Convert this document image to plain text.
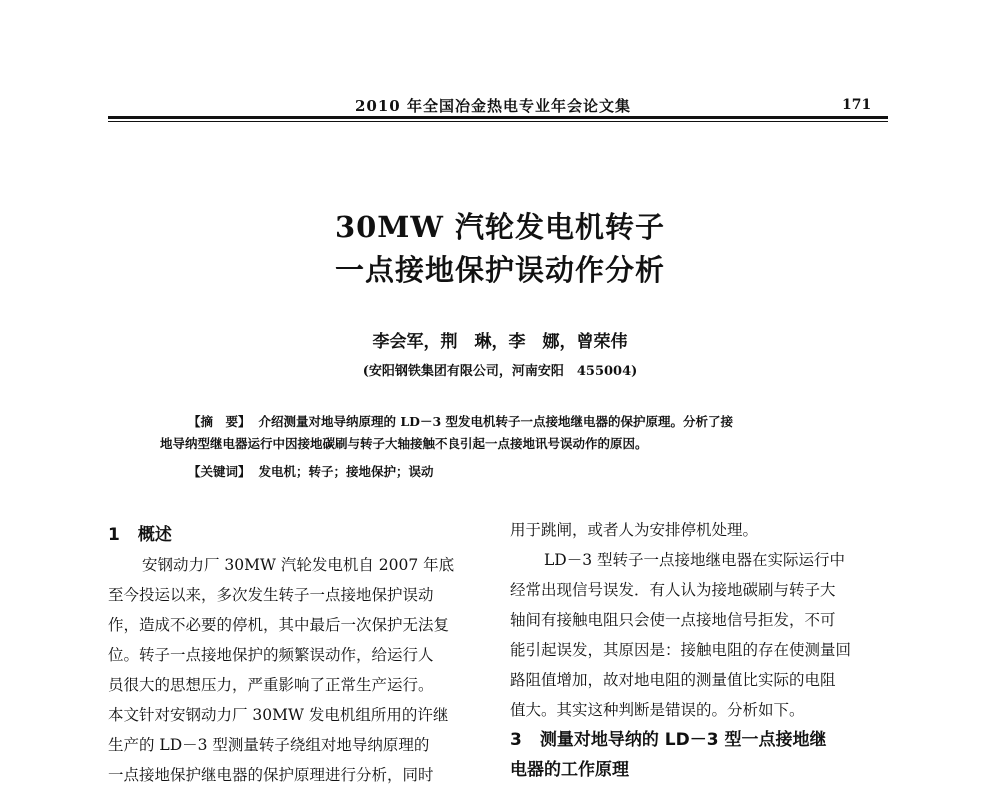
2010 年全国冶金热电专业年会论文集	171
30MW 汽轮发电机转子
一点接地保护误动作分析
李会军，荆　琳，李　娜，曾荣伟
(安阳钢铁集团有限公司，河南安阳　455004)
【摘　要】 介绍测量对地导纳原理的 LD－3 型发电机转子一点接地继电器的保护原理。分析了接
地导纳型继电器运行中因接地碳刷与转子大轴接触不良引起一点接地讯号误动作的原因。
【关键词】 发电机；转子；接地保护；误动
1 概述
安钢动力厂 30MW 汽轮发电机自 2007 年底
至今投运以来，多次发生转子一点接地保护误动
作，造成不必要的停机，其中最后一次保护无法复
位。转子一点接地保护的频繁误动作，给运行人
员很大的思想压力，严重影响了正常生产运行。
本文针对安钢动力厂 30MW 发电机组所用的许继
生产的 LD－3 型测量转子绕组对地导纳原理的
一点接地保护继电器的保护原理进行分析，同时
用于跳闸，或者人为安排停机处理。
LD－3 型转子一点接地继电器在实际运行中
经常出现信号误发．有人认为接地碳刷与转子大
轴间有接触电阻只会使一点接地信号拒发，不可
能引起误发，其原因是：接触电阻的存在使测量回
路阻值增加，故对地电阻的测量值比实际的电阻
值大。其实这种判断是错误的。分析如下。
3 测量对地导纳的 LD－3 型一点接地继
电器的工作原理
